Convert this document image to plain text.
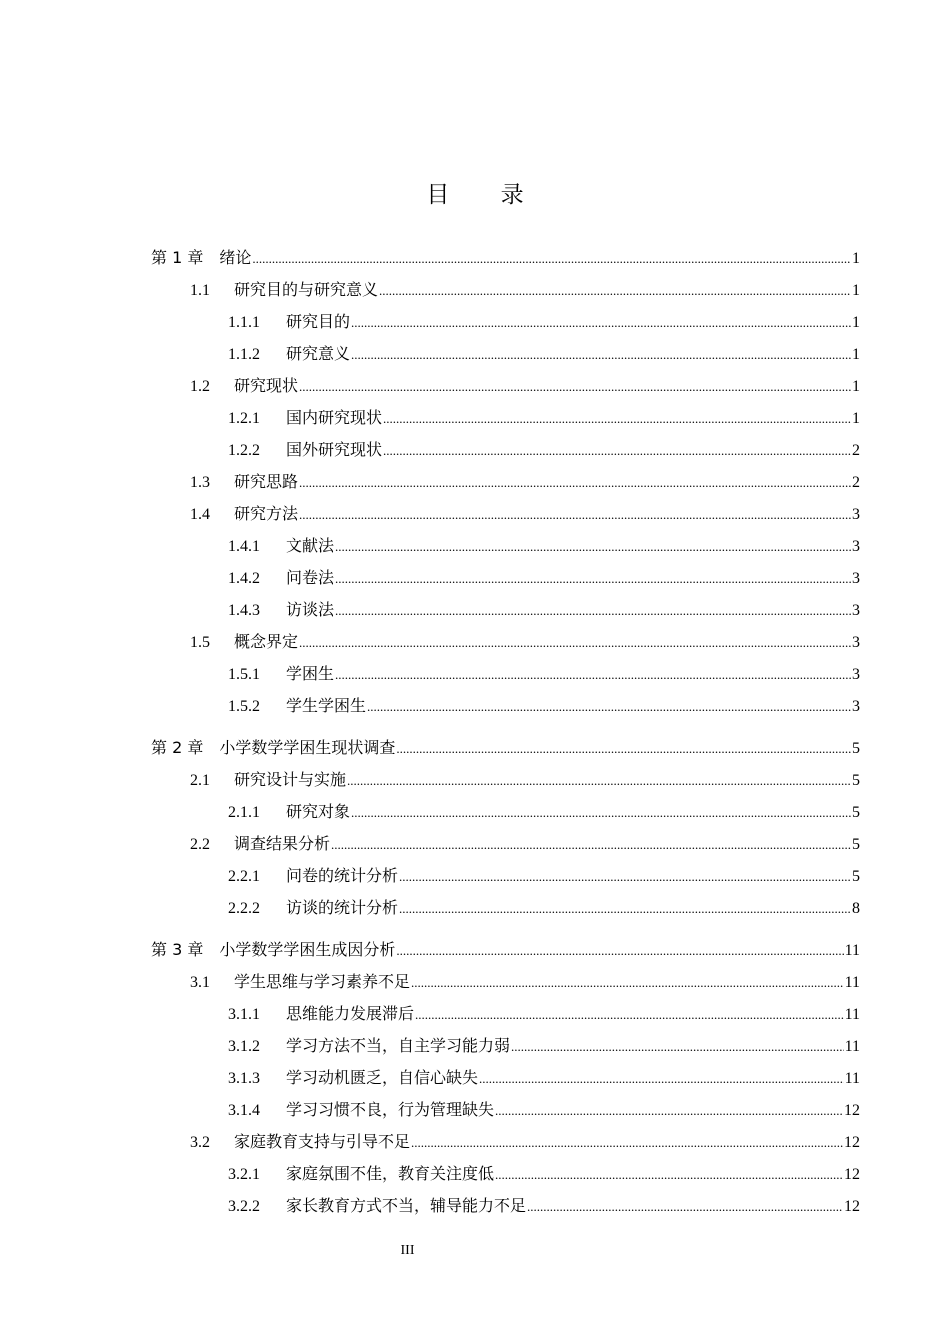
目 录
第 1 章 绪论 .....	1
1.1	研究目的与研究意义 .....	1
1.1.1	研究目的 .....	1
1.1.2	研究意义 .....	1
1.2	研究现状 .....	1
1.2.1	国内研究现状 .....	1
1.2.2	国外研究现状 .....	2
1.3	研究思路 .....	2
1.4	研究方法 .....	3
1.4.1	文献法 .....	3
1.4.2	问卷法 .....	3
1.4.3	访谈法 .....	3
1.5	概念界定 .....	3
1.5.1	学困生 .....	3
1.5.2	学生学困生 .....	3
第 2 章 小学数学学困生现状调查 .....	5
2.1	研究设计与实施 .....	5
2.1.1	研究对象 .....	5
2.2	调查结果分析 .....	5
2.2.1	问卷的统计分析 .....	5
2.2.2	访谈的统计分析 .....	8
第 3 章 小学数学学困生成因分析 .....	11
3.1	学生思维与学习素养不足 .....	11
3.1.1	思维能力发展滞后 .....	11
3.1.2	学习方法不当，自主学习能力弱 .....	11
3.1.3	学习动机匮乏，自信心缺失 .....	11
3.1.4	学习习惯不良，行为管理缺失 .....	12
3.2	家庭教育支持与引导不足 .....	12
3.2.1	家庭氛围不佳，教育关注度低 .....	12
3.2.2	家长教育方式不当，辅导能力不足 .....	12
III
